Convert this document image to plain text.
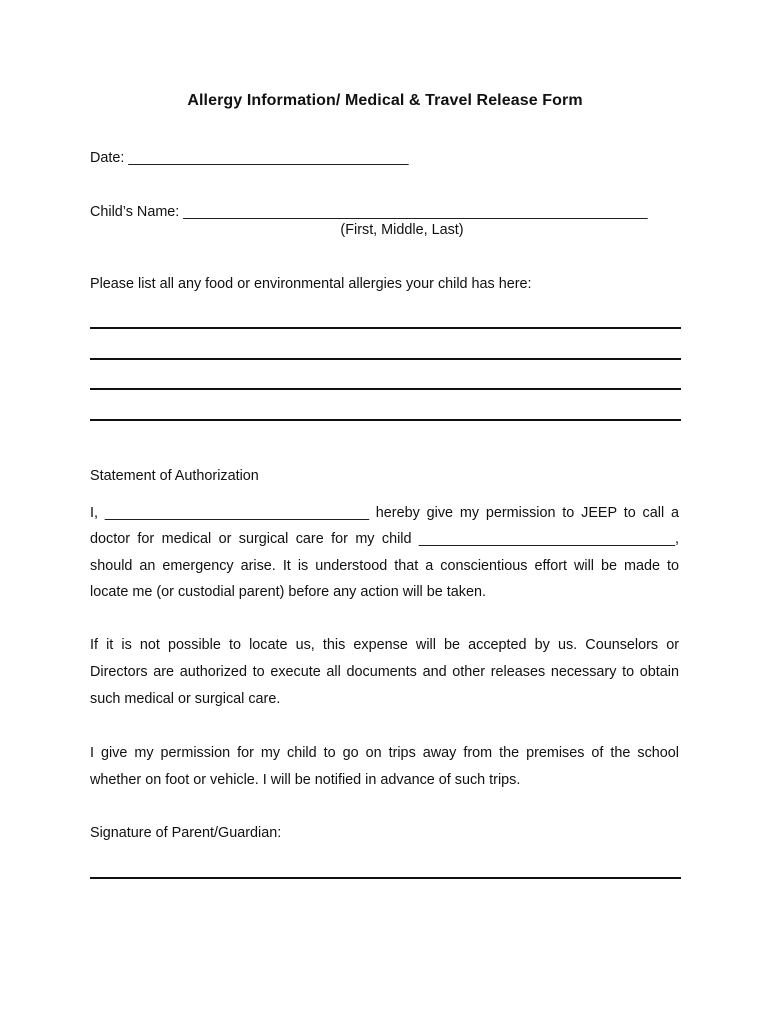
Allergy Information/ Medical & Travel Release Form
Date: ___________________________________
Child’s Name: __________________________________________________________
(First, Middle, Last)
Please list all any food or environmental allergies your child has here:
Statement of Authorization
I, _________________________________ hereby give my permission to JEEP to call a
doctor for medical or surgical care for my child ________________________________,
should an emergency arise. It is understood that a conscientious effort will be made to
locate me (or custodial parent) before any action will be taken.
If it is not possible to locate us, this expense will be accepted by us. Counselors or
Directors are authorized to execute all documents and other releases necessary to obtain
such medical or surgical care.
I give my permission for my child to go on trips away from the premises of the school
whether on foot or vehicle. I will be notified in advance of such trips.
Signature of Parent/Guardian:
